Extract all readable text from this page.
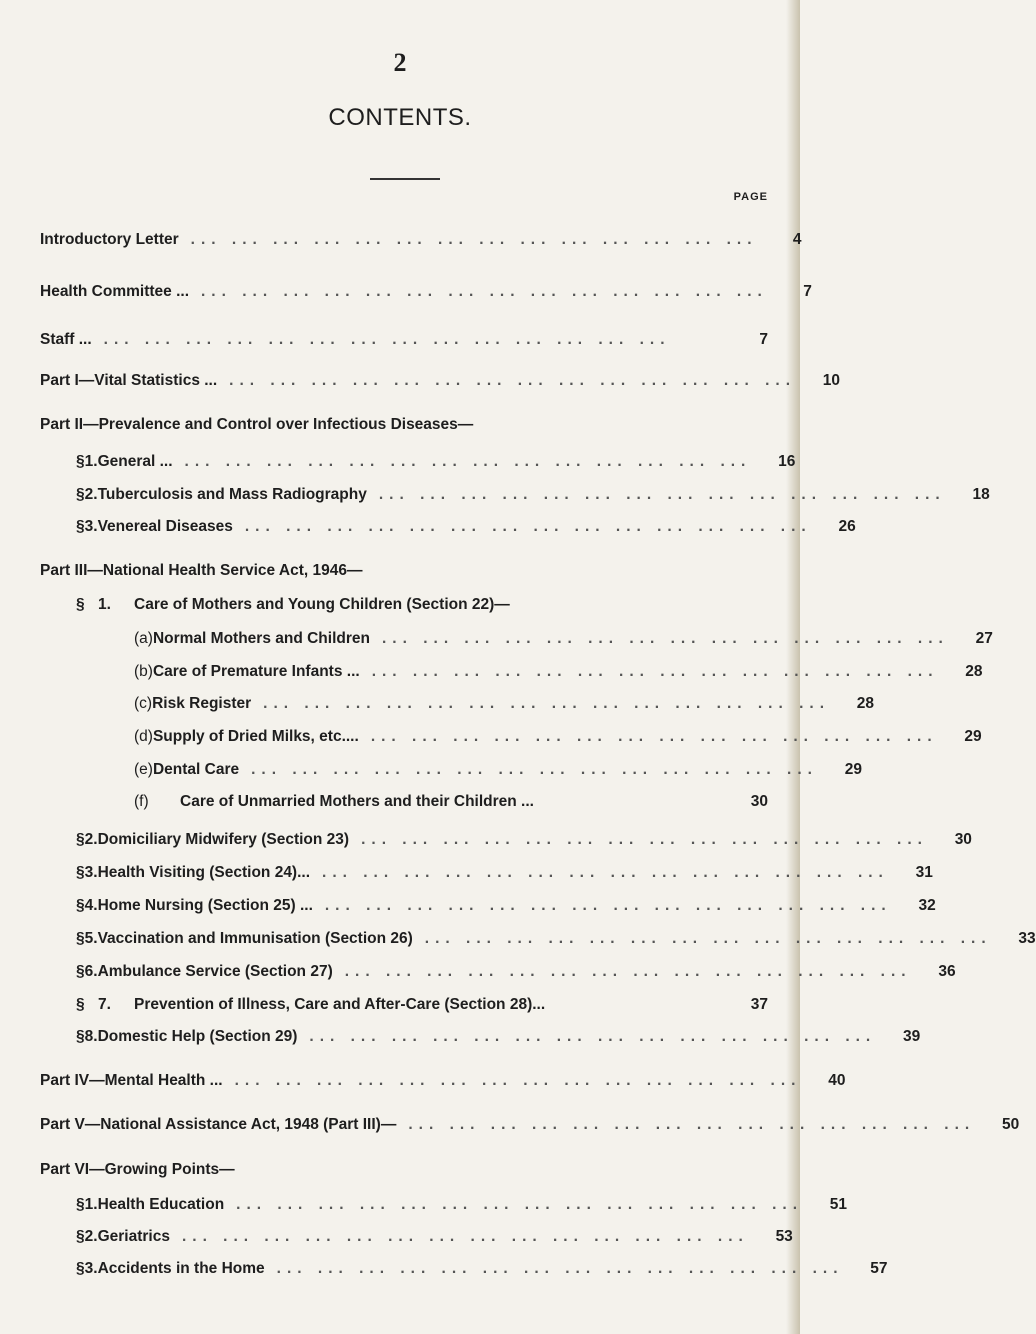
2
CONTENTS.
PAGE
Introductory Letter ... ... ... ... ... ... ... ... ... ... ... ... ... ...	4
Health Committee ... ... ... ... ... ... ... ... ... ... ... ... ... ... ...	7
Staff ... ... ... ... ... ... ... ... ... ... ... ... ... ... ...	7
Part I—Vital Statistics ... ... ... ... ... ... ... ... ... ... ... ... ... ... ...	10
Part II—Prevalence and Control over Infectious Diseases—
§ 1. General ... ... ... ... ... ... ... ... ... ... ... ... ... ... ...	16
§ 2. Tuberculosis and Mass Radiography ... ... ... ... ... ... ... ... ... ... ... ... ... ...	18
§ 3. Venereal Diseases ... ... ... ... ... ... ... ... ... ... ... ... ... ...	26
Part III—National Health Service Act, 1946—
§ 1. Care of Mothers and Young Children (Section 22)—
(a) Normal Mothers and Children ... ... ... ... ... ... ... ... ... ... ... ... ... ...	27
(b) Care of Premature Infants ... ... ... ... ... ... ... ... ... ... ... ... ... ... ...	28
(c) Risk Register ... ... ... ... ... ... ... ... ... ... ... ... ... ...	28
(d) Supply of Dried Milks, etc.... ... ... ... ... ... ... ... ... ... ... ... ... ... ...	29
(e) Dental Care ... ... ... ... ... ... ... ... ... ... ... ... ... ...	29
(f)	Care of Unmarried Mothers and their Children ...	30
§ 2. Domiciliary Midwifery (Section 23) ... ... ... ... ... ... ... ... ... ... ... ... ... ...	30
§ 3. Health Visiting (Section 24)... ... ... ... ... ... ... ... ... ... ... ... ... ... ...	31
§ 4. Home Nursing (Section 25) ... ... ... ... ... ... ... ... ... ... ... ... ... ... ...	32
§ 5. Vaccination and Immunisation (Section 26) ... ... ... ... ... ... ... ... ... ... ... ... ... ...	33
§ 6. Ambulance Service (Section 27) ... ... ... ... ... ... ... ... ... ... ... ... ... ...	36
§ 7.	Prevention of Illness, Care and After-Care (Section 28)...	37
§ 8. Domestic Help (Section 29) ... ... ... ... ... ... ... ... ... ... ... ... ... ...	39
Part IV—Mental Health ... ... ... ... ... ... ... ... ... ... ... ... ... ... ...	40
Part V—National Assistance Act, 1948 (Part III)— ... ... ... ... ... ... ... ... ... ... ... ... ... ...	50
Part VI—Growing Points—
§ 1. Health Education ... ... ... ... ... ... ... ... ... ... ... ... ... ...	51
§ 2. Geriatrics ... ... ... ... ... ... ... ... ... ... ... ... ... ...	53
§ 3. Accidents in the Home ... ... ... ... ... ... ... ... ... ... ... ... ... ...	57
